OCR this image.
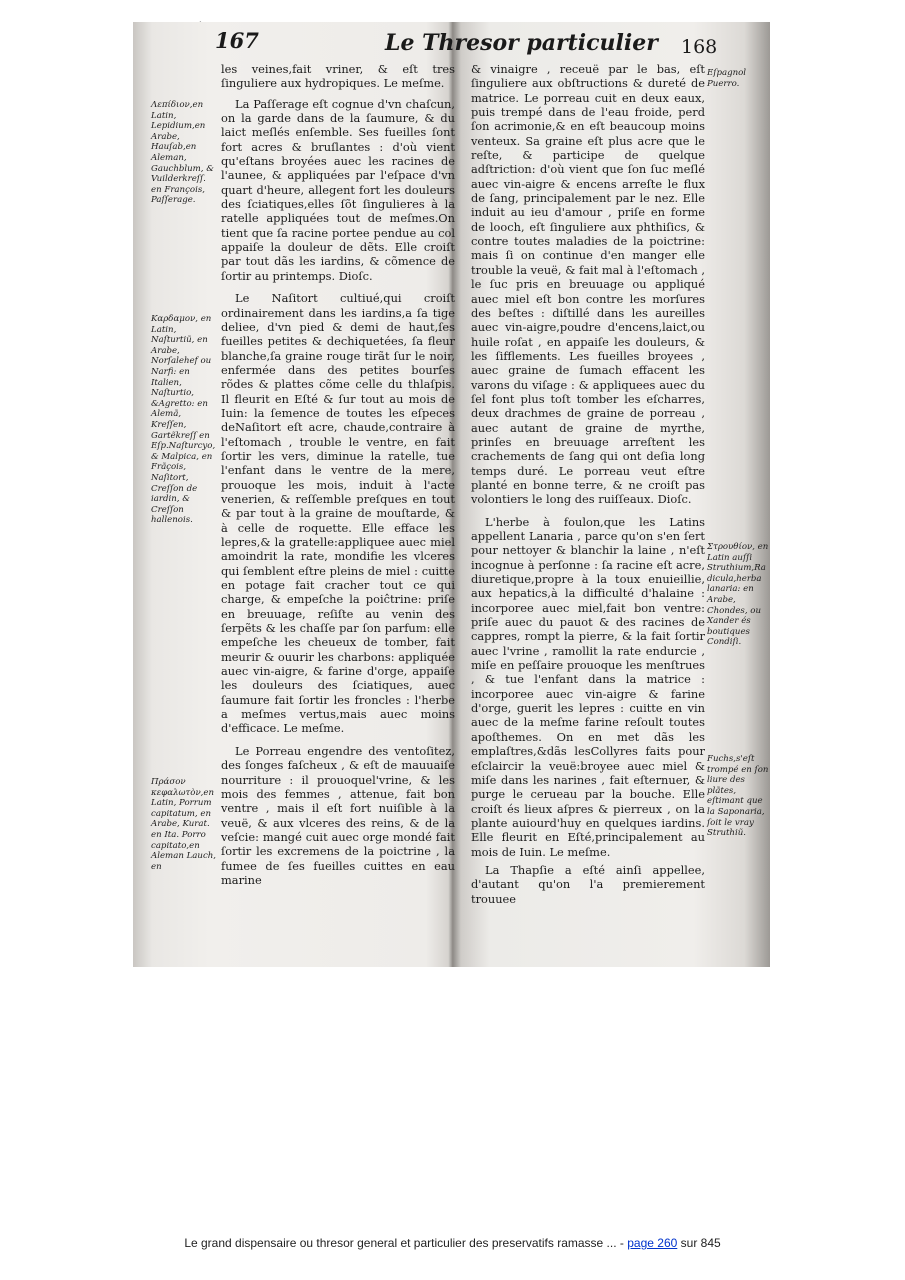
167	Le Thresor particulier 168

Λεπίδιον,en Latin, Lepidium,en Arabe, Hauſab,en Aleman, Gauchblum, & Vuilderkreſſ. en François, Paſſerage.

Καρδαμον, en Latin, Naſturtiũ, en Arabe, Norſalehef ou Narfi: en Italien, Naſturtio, &Agretto: en Alemã, Kreſſen, Gartẽkreſſ en Eſp.Naſturcyo, & Malpica, en Frãçois, Naſitort, Creſſon de iardin, & Creſſon hallenois.

Πράσον κεφαλωτὸν,en Latin, Porrum capitatum, en Arabe, Kurat. en Ita. Porro capitato,en Aleman Lauch, en

les veines,fait vriner, & eſt tres ſinguliere aux hydropiques. Le meſme.

La Paſſerage eſt cognue d'vn chaſcun, on la garde dans de la ſaumure, & du laict meſlés enſemble. Ses fueilles ſont fort acres & bruſlantes : d'où vient qu'eſtans broyées auec les racines de l'aunee, & appliquées par l'eſpace d'vn quart d'heure, allegent fort les douleurs des ſciatiques,elles ſõt ſingulieres à la ratelle appliquées tout de meſmes.On tient que ſa racine portee pendue au col appaiſe la douleur de dẽts. Elle croiſt par tout dãs les iardins, & cõmence de ſortir au printemps. Dioſc.

Le Naſitort cultiué,qui croiſt ordinairement dans les iardins,a ſa tige deliee, d'vn pied & demi de haut,ſes fueilles petites & dechiquetées, ſa fleur blanche,ſa graine rouge tirãt ſur le noir, enfermée dans des petites bourſes rõdes & plattes cõme celle du thlaſpis. Il fleurit en Eſté & ſur tout au mois de Iuin: la ſemence de toutes les eſpeces deNaſitort eſt acre, chaude,contraire à l'eſtomach , trouble le ventre, en fait ſortir les vers, diminue la ratelle, tue l'enfant dans le ventre de la mere, prouoque les mois, induit à l'acte venerien, & reſſemble preſques en tout & par tout à la graine de mouſtarde, & à celle de roquette. Elle efface les lepres,& la gratelle:appliquee auec miel amoindrit la rate, mondifie les vlceres qui ſemblent eſtre pleins de miel : cuitte en potage fait cracher tout ce qui charge, & empeſche la poiĉtrine: priſe en breuuage, reſiſte au venin des ſerpẽts & les chaſſe par ſon parfum: elle empeſche les cheueux de tomber, fait meurir & ouurir les charbons: appliquée auec vin-aigre, & farine d'orge, appaiſe les douleurs des ſciatiques, auec ſaumure fait ſortir les froncles : l'herbe a meſmes vertus,mais auec moins d'efficace. Le meſme.

Le Porreau engendre des ventoſitez, des ſonges faſcheux , & eſt de mauuaiſe nourriture : il prouoquel'vrine, & les mois des femmes , attenue, fait bon ventre , mais il eſt fort nuiſible à la veuë, & aux vlceres des reins, & de la veſcie: mangé cuit auec orge mondé fait ſortir les excremens de la poictrine , la fumee de ſes fueilles cuittes en eau marine

Eſpagnol Puerro.

Στρουθίον, en Latin auſſi Struthium,Radicula,herba lanaria: en Arabe, Chondes, ou Xander és boutiques Condiſi.

Fuchs,s'eſt trompé en ſon liure des plãtes, eſtimant que la Saponaria, ſoit le vray Struthiũ.

& vinaigre , receuë par le bas, eſt ſinguliere aux obſtructions & dureté de matrice. Le porreau cuit en deux eaux, puis trempé dans de l'eau froide, perd ſon acrimonie,& en eſt beaucoup moins venteux. Sa graine eſt plus acre que le reſte, & participe de quelque adſtriction: d'où vient que ſon ſuc meſlé auec vin-aigre & encens arreſte le flux de ſang, principalement par le nez. Elle induit au ieu d'amour , priſe en forme de looch, eſt ſinguliere aux phthiſics, & contre toutes maladies de la poictrine: mais ſi on continue d'en manger elle trouble la veuë, & fait mal à l'eſtomach , le ſuc pris en breuuage ou appliqué auec miel eſt bon contre les morſures des beſtes : diſtillé dans les aureilles auec vin-aigre,poudre d'encens,laict,ou huile roſat , en appaiſe les douleurs, & les ſifflements. Les fueilles broyees , auec graine de ſumach effacent les varons du viſage : & appliquees auec du ſel font plus toſt tomber les eſcharres, deux drachmes de graine de porreau , auec autant de graine de myrthe, prinſes en breuuage arreſtent les crachements de ſang qui ont deſia long temps duré. Le porreau veut eſtre planté en bonne terre, & ne croiſt pas volontiers le long des ruiſſeaux. Dioſc.

L'herbe à foulon,que les Latins appellent Lanaria , parce qu'on s'en ſert pour nettoyer & blanchir la laine , n'eſt incognue à perſonne : ſa racine eſt acre, diuretique,propre à la toux enuieillie, aux hepatics,à la difficulté d'halaine : incorporee auec miel,fait bon ventre: priſe auec du pauot & des racines de cappres, rompt la pierre, & la fait ſortir auec l'vrine , ramollit la rate endurcie , miſe en peſſaire prouoque les menſtrues , & tue l'enfant dans la matrice : incorporee auec vin-aigre & farine d'orge, guerit les lepres : cuitte en vin auec de la meſme farine reſoult toutes apoſthemes. On en met dãs les emplaſtres,&dãs lesCollyres faits pour eſclaircir la veuë:broyee auec miel & miſe dans les narines , fait eſternuer, & purge le cerueau par la bouche. Elle croiſt és lieux aſpres & pierreux , on la plante auiourd'huy en quelques iardins. Elle fleurit en Eſté,principalement au mois de Iuin. Le meſme.

La Thapſie a eſté ainſi appellee, d'autant qu'on l'a premierement trouuee

Le grand dispensaire ou thresor general et particulier des preservatifs ramasse ... - page 260 sur 845
